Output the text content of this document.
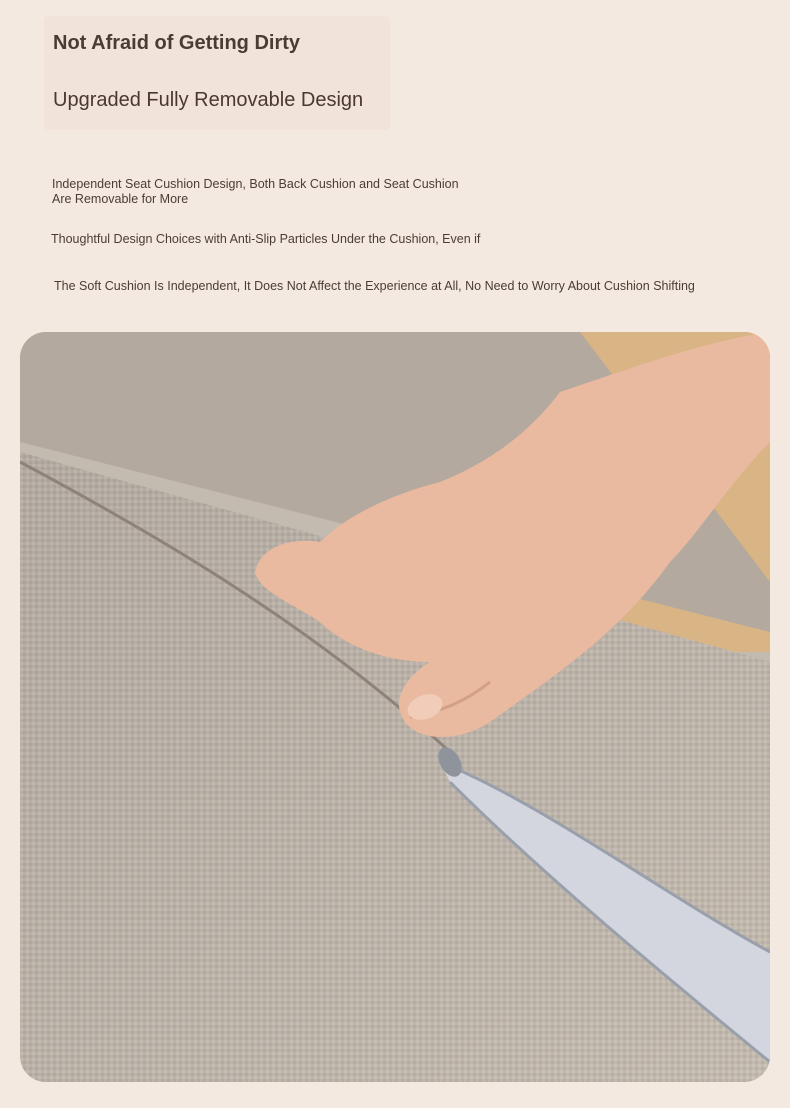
Not Afraid of Getting Dirty
Upgraded Fully Removable Design

Independent Seat Cushion Design, Both Back Cushion and Seat Cushion

Are Removable for More

Thoughtful Design Choices with Anti-Slip Particles Under the Cushion, Even if

The Soft Cushion Is Independent, It Does Not Affect the Experience at All, No Need to Worry About Cushion Shifting
